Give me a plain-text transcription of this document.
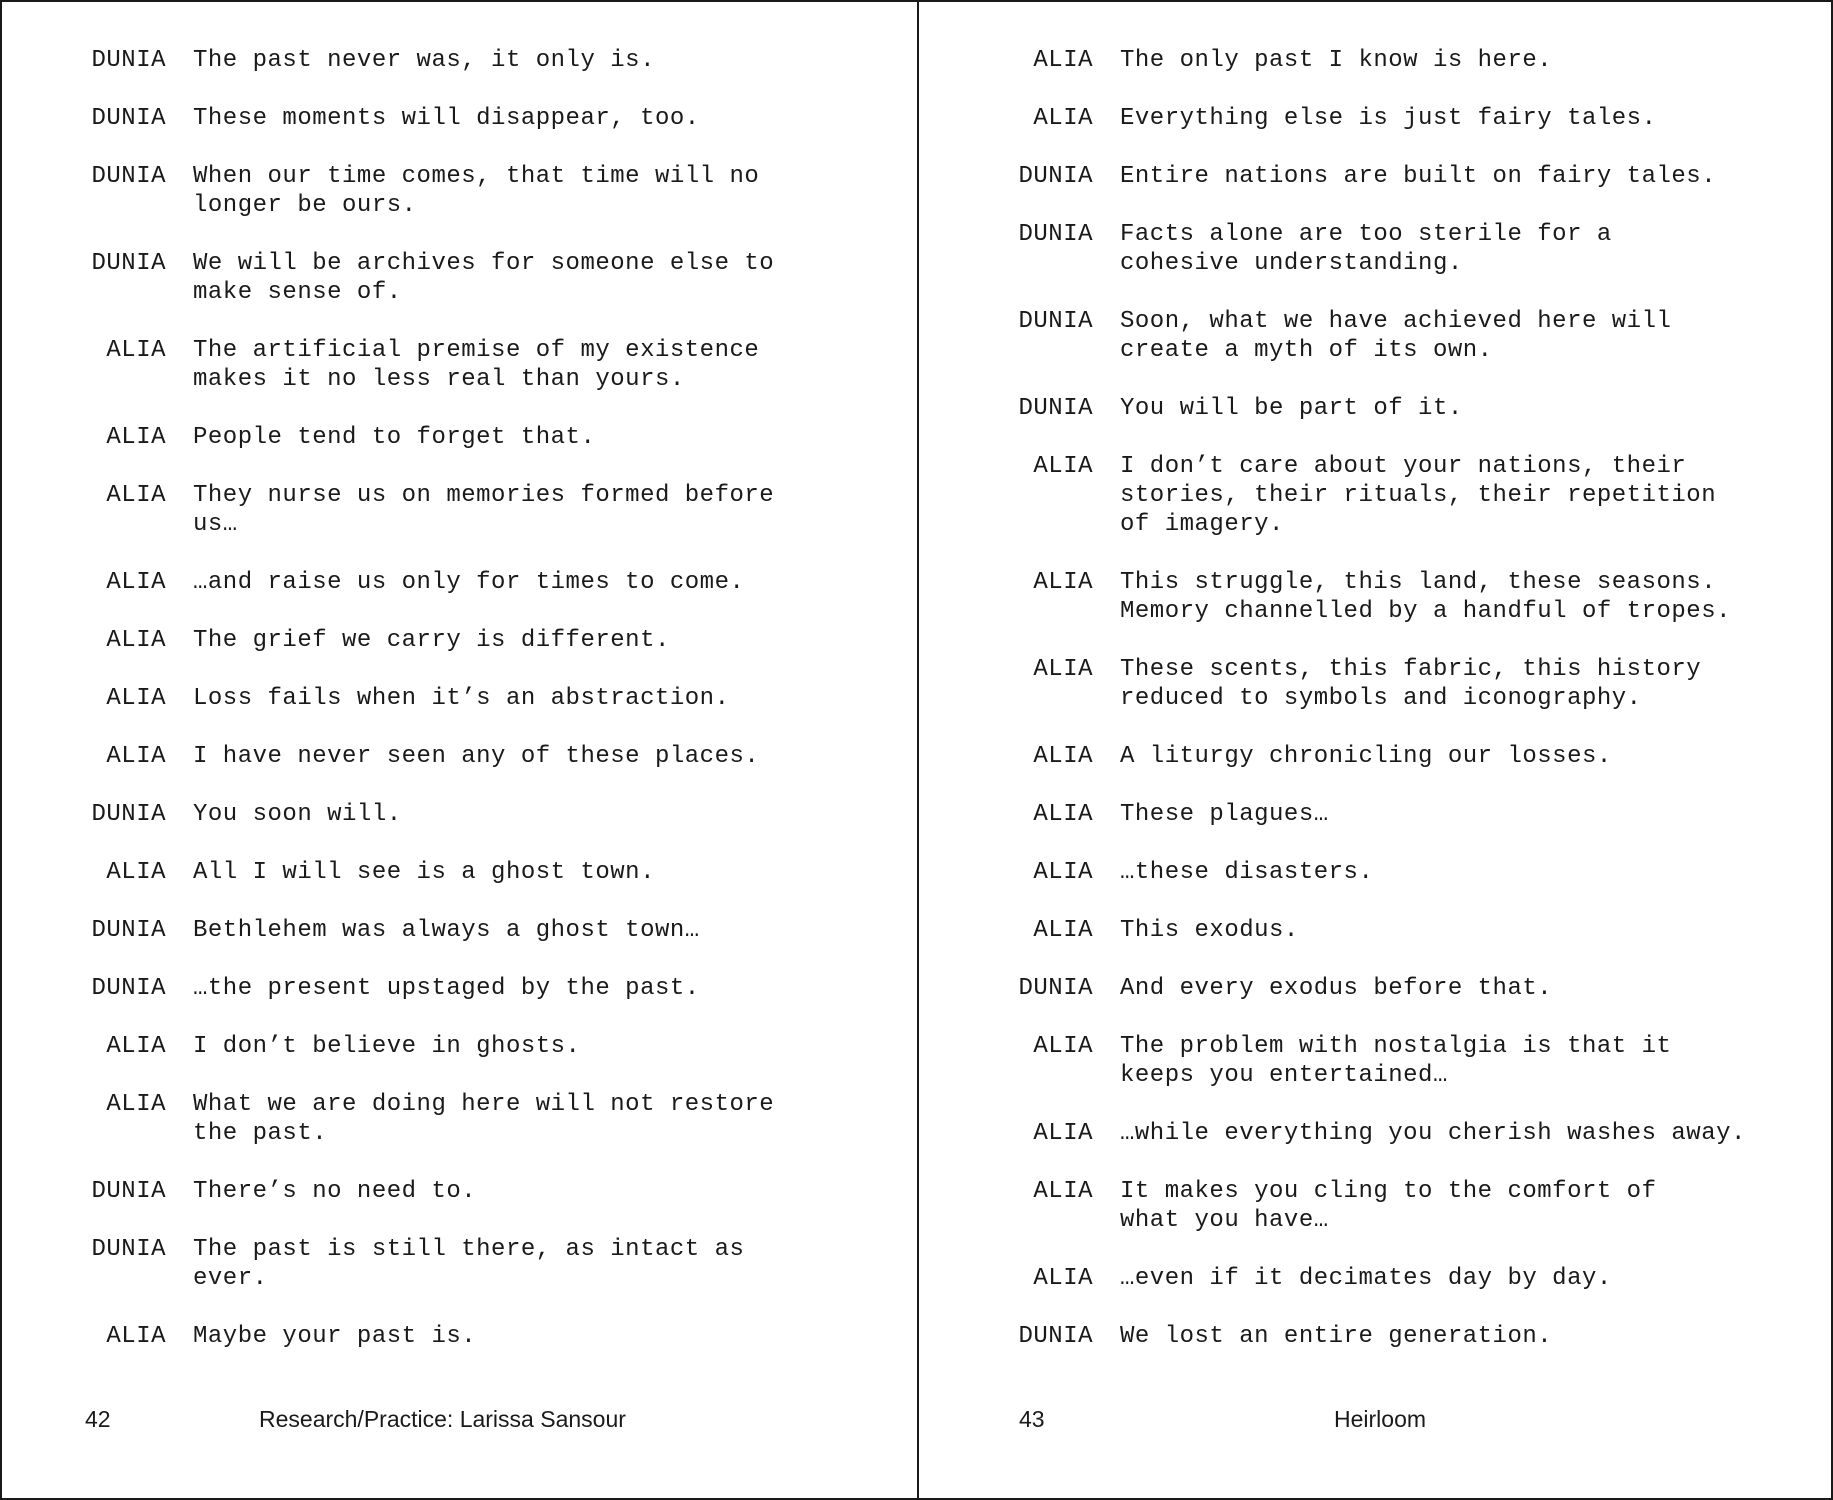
DUNIA The past never was, it only is.
DUNIA These moments will disappear, too.
DUNIA When our time comes, that time will no
longer be ours.
DUNIA We will be archives for someone else to
make sense of.
ALIA The artificial premise of my existence
makes it no less real than yours.
ALIA People tend to forget that.
ALIA They nurse us on memories formed before
us…
ALIA …and raise us only for times to come.
ALIA The grief we carry is different.
ALIA Loss fails when it’s an abstraction.
ALIA I have never seen any of these places.
DUNIA You soon will.
ALIA All I will see is a ghost town.
DUNIA Bethlehem was always a ghost town…
DUNIA …the present upstaged by the past.
ALIA I don’t believe in ghosts.
ALIA What we are doing here will not restore
the past.
DUNIA There’s no need to.
DUNIA The past is still there, as intact as
ever.
ALIA Maybe your past is.
42	Research/Practice: Larissa Sansour
ALIA The only past I know is here.
ALIA Everything else is just fairy tales.
DUNIA Entire nations are built on fairy tales.
DUNIA Facts alone are too sterile for a
cohesive understanding.
DUNIA Soon, what we have achieved here will
create a myth of its own.
DUNIA You will be part of it.
ALIA I don’t care about your nations, their
stories, their rituals, their repetition
of imagery.
ALIA This struggle, this land, these seasons.
Memory channelled by a handful of tropes.
ALIA These scents, this fabric, this history
reduced to symbols and iconography.
ALIA A liturgy chronicling our losses.
ALIA These plagues…
ALIA …these disasters.
ALIA This exodus.
DUNIA And every exodus before that.
ALIA The problem with nostalgia is that it
keeps you entertained…
ALIA …while everything you cherish washes away.
ALIA It makes you cling to the comfort of
what you have…
ALIA …even if it decimates day by day.
DUNIA We lost an entire generation.
43	Heirloom
